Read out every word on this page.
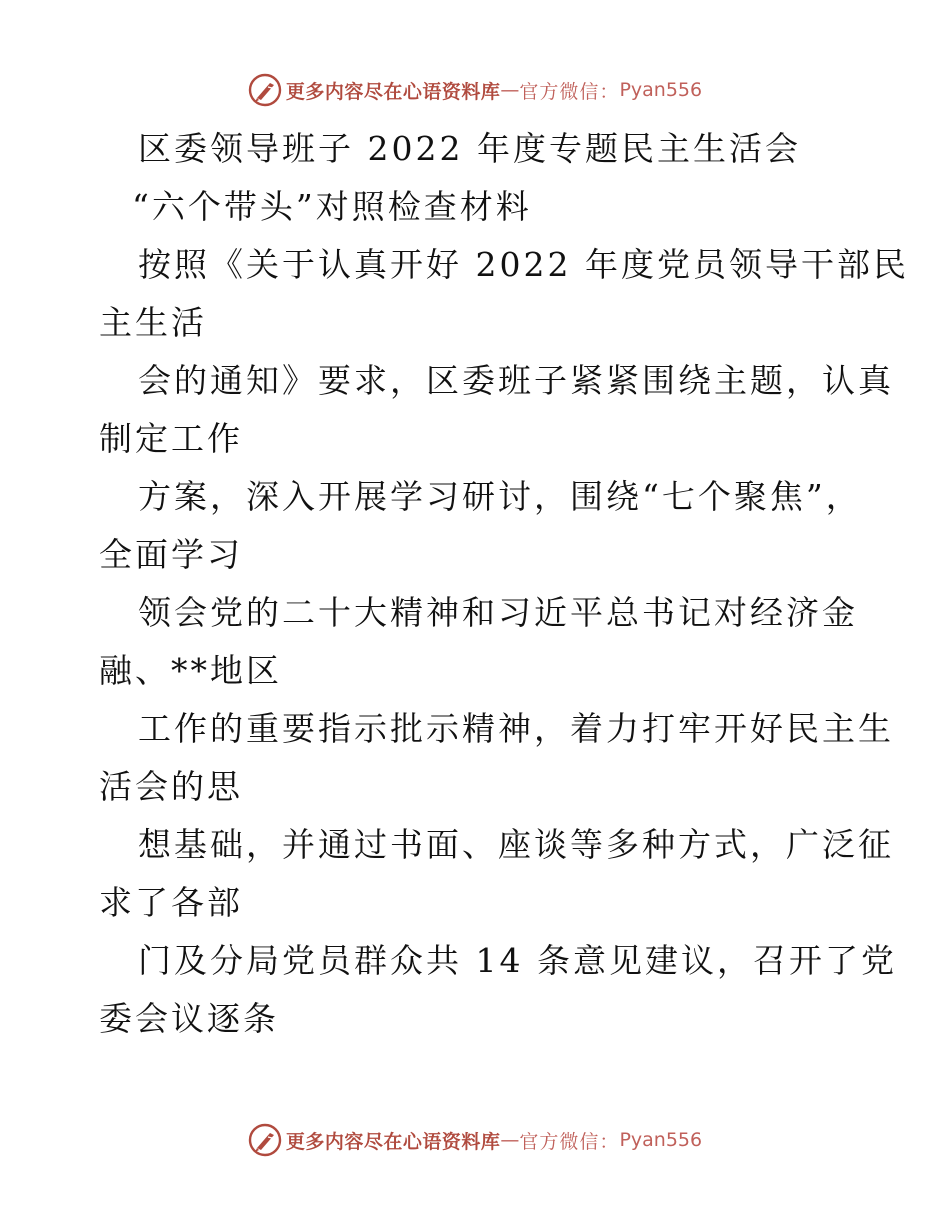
更多内容尽在心语资料库 — 官方微信： Pyan556
区委领导班子 2022 年度专题民主生活会
“六个带头”对照检查材料
按照《关于认真开好 2022 年度党员领导干部民
主生活
会的通知》要求，区委班子紧紧围绕主题，认真
制定工作
方案，深入开展学习研讨，围绕“七个聚焦”，
全面学习
领会党的二十大精神和习近平总书记对经济金
融、**地区
工作的重要指示批示精神，着力打牢开好民主生
活会的思
想基础，并通过书面、座谈等多种方式，广泛征
求了各部
门及分局党员群众共 14 条意见建议，召开了党
委会议逐条
更多内容尽在心语资料库 — 官方微信： Pyan556
